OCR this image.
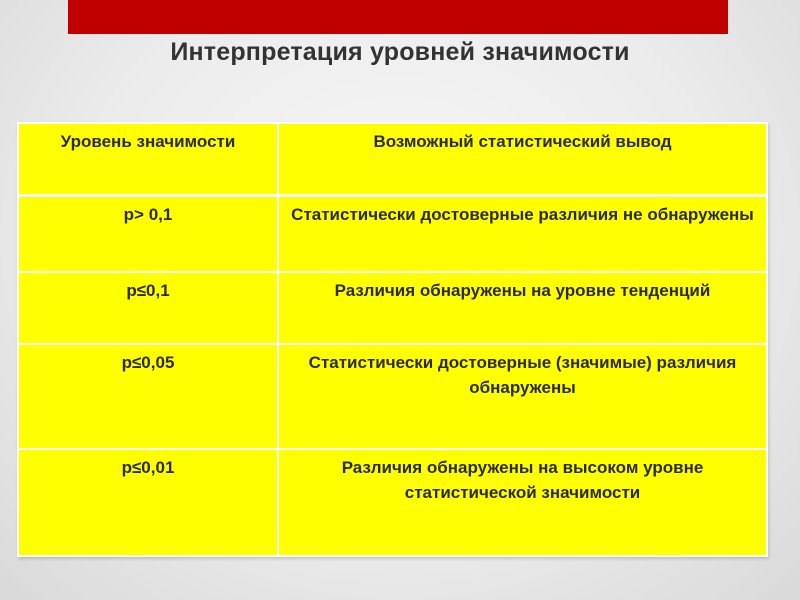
Интерпретация уровней значимости
Уровень значимости	Возможный статистический вывод
р> 0,1	Статистически достоверные различия не обнаружены
р≤0,1	Различия обнаружены на уровне тенденций
р≤0,05	Статистически достоверные (значимые) различия обнаружены
р≤0,01	Различия обнаружены на высоком уровне статистической значимости
